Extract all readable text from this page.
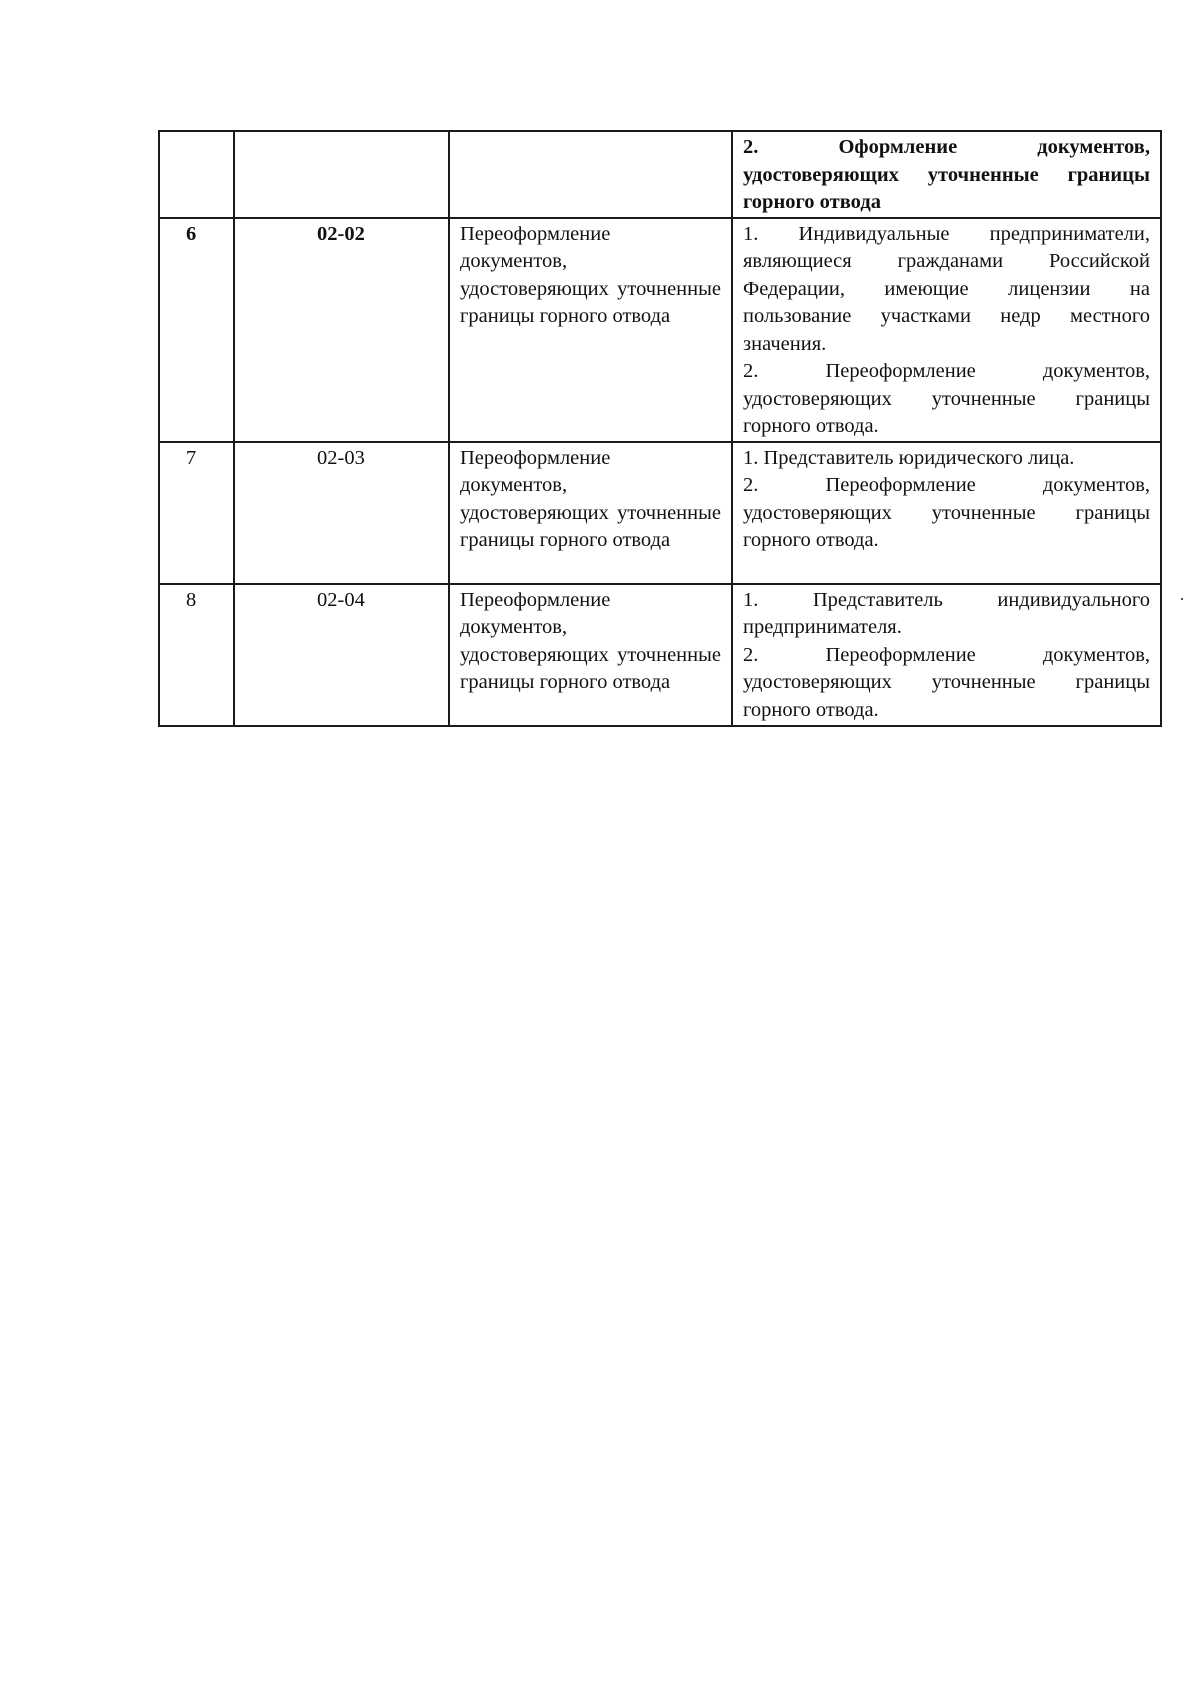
			2. Оформление документов, удостоверяющих уточненные границы горного отвода

6	02-02	Переоформление документов, удостоверяющих уточненные границы горного отвода	1. Индивидуальные предприниматели, являющиеся гражданами Российской Федерации, имеющие лицензии на пользование участками недр местного значения.
2. Переоформление документов, удостоверяющих уточненные границы горного отвода.

7	02-03	Переоформление документов, удостоверяющих уточненные границы горного отвода	1. Представитель юридического лица.
2. Переоформление документов, удостоверяющих уточненные границы горного отвода.

8	02-04	Переоформление документов, удостоверяющих уточненные границы горного отвода	1. Представитель индивидуального предпринимателя.
2. Переоформление документов, удостоверяющих уточненные границы горного отвода.
